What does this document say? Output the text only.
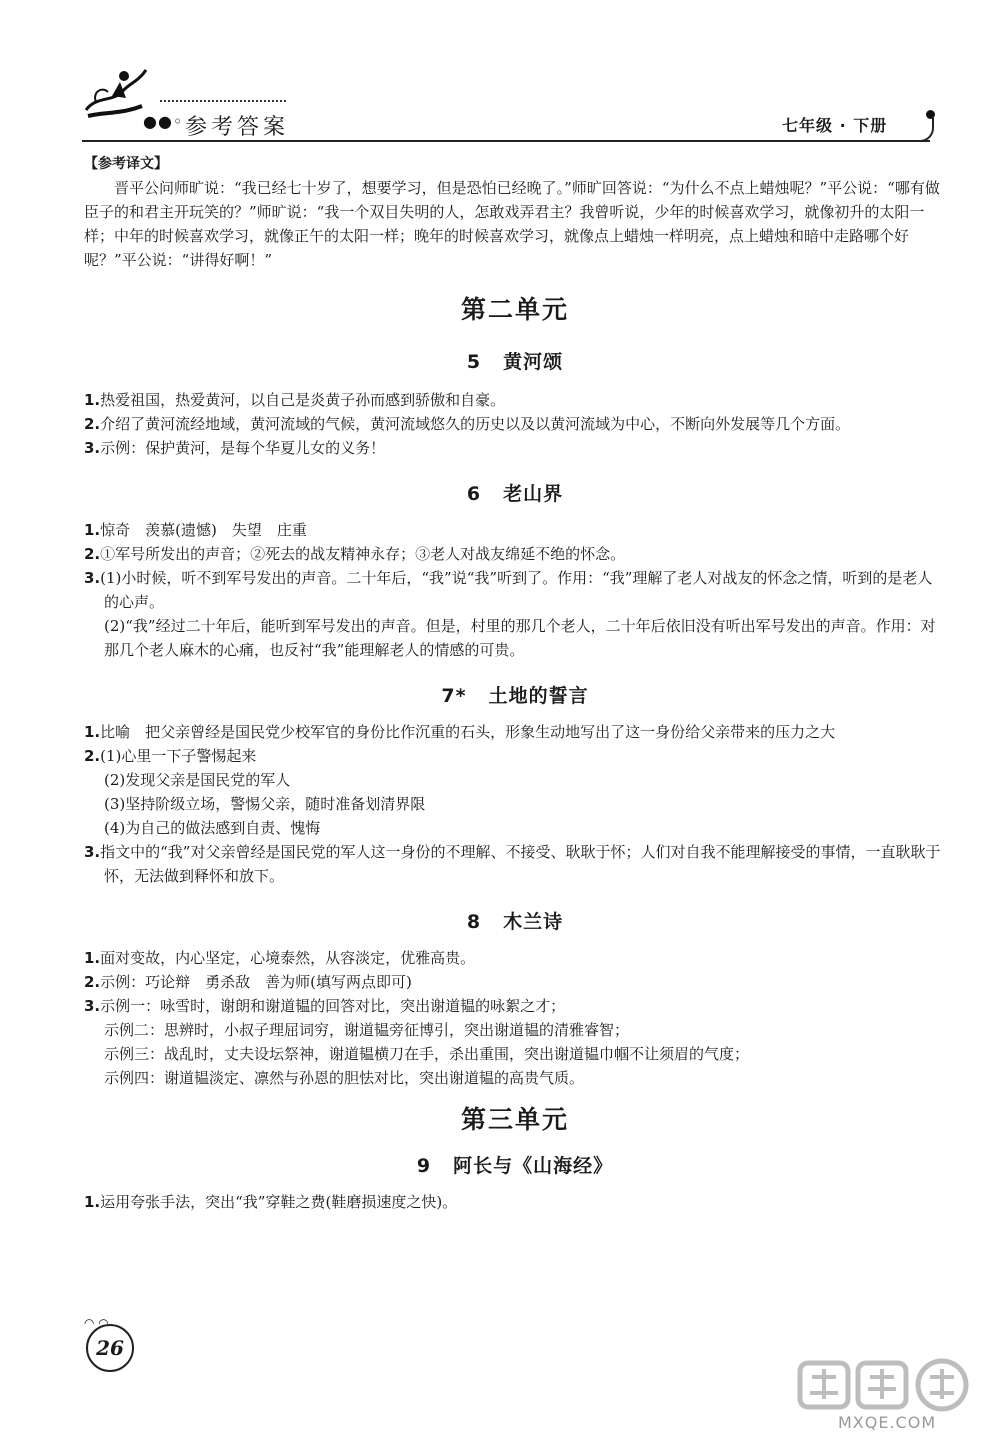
●●◦ 参考答案	七年级 · 下册

【参考译文】

晋平公问师旷说：“我已经七十岁了，想要学习，但是恐怕已经晚了。”师旷回答说：“为什么不点上蜡烛呢？”平公说：“哪有做臣子的和君主开玩笑的？”师旷说：“我一个双目失明的人，怎敢戏弄君主？我曾听说，少年的时候喜欢学习，就像初升的太阳一样；中年的时候喜欢学习，就像正午的太阳一样；晚年的时候喜欢学习，就像点上蜡烛一样明亮，点上蜡烛和暗中走路哪个好呢？”平公说：“讲得好啊！”

第二单元

5 黄河颂

1.热爱祖国，热爱黄河，以自己是炎黄子孙而感到骄傲和自豪。

2.介绍了黄河流经地域，黄河流域的气候，黄河流域悠久的历史以及以黄河流域为中心，不断向外发展等几个方面。

3.示例：保护黄河，是每个华夏儿女的义务！

6 老山界

1.惊奇　羡慕(遗憾)　失望　庄重

2.①军号所发出的声音；②死去的战友精神永存；③老人对战友绵延不绝的怀念。

3.(1)小时候，听不到军号发出的声音。二十年后，“我”说“我”听到了。作用：“我”理解了老人对战友的怀念之情，听到的是老人的心声。

(2)“我”经过二十年后，能听到军号发出的声音。但是，村里的那几个老人，二十年后依旧没有听出军号发出的声音。作用：对那几个老人麻木的心痛，也反衬“我”能理解老人的情感的可贵。

7* 土地的誓言

1.比喻　把父亲曾经是国民党少校军官的身份比作沉重的石头，形象生动地写出了这一身份给父亲带来的压力之大

2.(1)心里一下子警惕起来

(2)发现父亲是国民党的军人

(3)坚持阶级立场，警惕父亲，随时准备划清界限

(4)为自己的做法感到自责、愧悔

3.指文中的“我”对父亲曾经是国民党的军人这一身份的不理解、不接受、耿耿于怀；人们对自我不能理解接受的事情，一直耿耿于怀，无法做到释怀和放下。

8 木兰诗

1.面对变故，内心坚定，心境泰然，从容淡定，优雅高贵。

2.示例：巧论辩　勇杀敌　善为师(填写两点即可)

3.示例一：咏雪时，谢朗和谢道韫的回答对比，突出谢道韫的咏絮之才；

示例二：思辨时，小叔子理屈词穷，谢道韫旁征博引，突出谢道韫的清雅睿智；

示例三：战乱时，丈夫设坛祭神，谢道韫横刀在手，杀出重围，突出谢道韫巾帼不让须眉的气度；

示例四：谢道韫淡定、凛然与孙恩的胆怯对比，突出谢道韫的高贵气质。

第三单元

9 阿长与《山海经》

1.运用夸张手法，突出“我”穿鞋之费(鞋磨损速度之快)。

◠ ◠
26
MXQE.COM
